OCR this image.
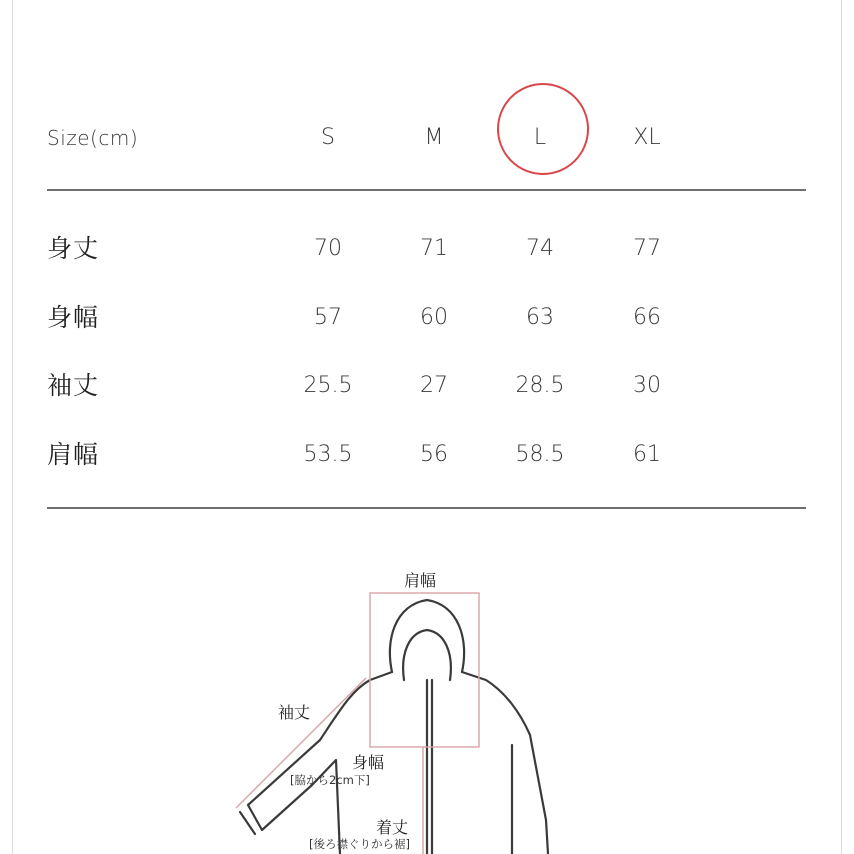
Size(cm)	S	M	L	XL
身丈	70	71	74	77
身幅	57	60	63	66
袖丈	25.5	27	28.5	30
肩幅	53.5	56	58.5	61
肩幅
袖丈
身幅
[脇から2cm下]
着丈
[後ろ襟ぐりから裾]
